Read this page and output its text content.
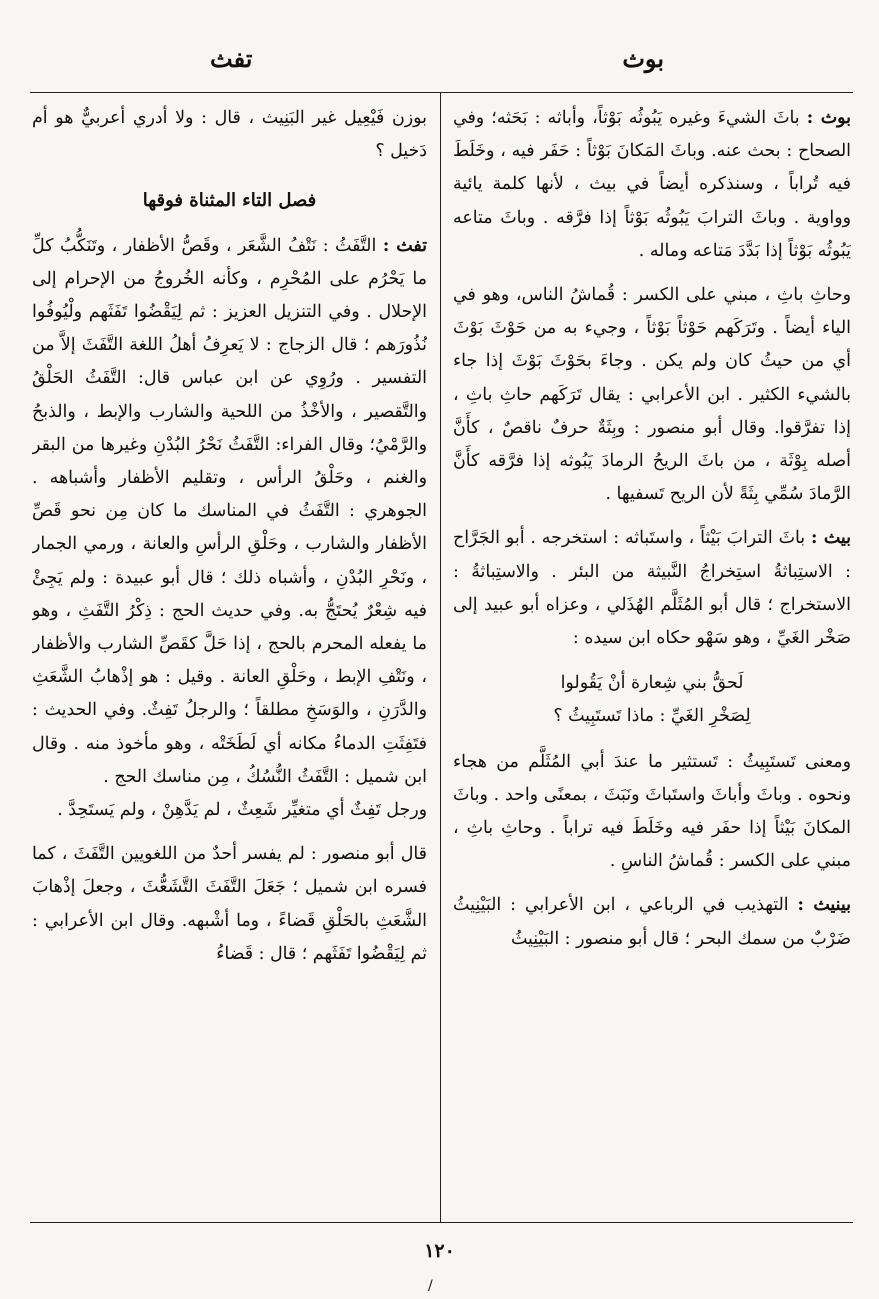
بوث
تفث

بوث : باثَ الشيءَ وغيره يَبُوثُه بَوْثاً، وأباثه : بَحَثه؛ وفي الصحاح : بحث عنه. وباثَ المَكانَ بَوْثاً : حَفَر فيه ، وخَلَطَ فيه تُراباً ، وسنذكره أيضاً في بيث ، لأنها كلمة يائية وواوية . وباثَ الترابَ يَبُوثُه بَوْثاً إذا فرَّقه . وباثَ متاعه يَبُوثُه بَوْثاً إذا بَدَّدَ مَتاعه وماله .

وحاثِ باثِ ، مبني على الكسر : قُماشُ الناس، وهو في الياء أيضاً . وتَرَكَهم حَوْثاً بَوْثاً ، وجيء به من حَوْثَ بَوْثَ أي من حيثُ كان ولم يكن . وجاءَ بحَوْثَ بَوْثَ إذا جاء بالشيء الكثير . ابن الأعرابي : يقال تَرَكَهم حاثِ باثِ ، إذا تفرَّقوا. وقال أبو منصور : وبِثَةٌ حرفٌ ناقصٌ ، كأَنَّ أصله بِوْثَة ، من باثَ الريحُ الرمادَ يَبُوثه إذا فرَّقه كأَنَّ الرَّمادَ سُمِّي بِثَةً لأن الريح تَسفيها .

بيث : باثَ الترابَ بَيْثاً ، واستَباثه : استخرجه . أبو الجَرَّاح : الاستِباثةُ استِخراجُ النَّبيثة من البئر . والاستِباثةُ : الاستخراج ؛ قال أبو المُثَلَّم الهُذَلي ، وعزاه أبو عبيد إلى صَخْر الغَيِّ ، وهو سَهْو حكاه ابن سيده :

لَحقُّ بني شِعارة أنْ يَقُولوا
لِصَخْرِ الغَيِّ : ماذا تَستَبِيثُ ؟

ومعنى تَستَبِيثُ : تَستثير ما عندَ أبي المُثَلَّم من هجاء ونحوه . وباثَ وأباثَ واستَباثَ ونَبَثَ ، بمعنًى واحد . وباثَ المكانَ بَيْثاً إذا حفَر فيه وخَلَطَ فيه تراباً . وحاثِ باثِ ، مبني على الكسر : قُماشُ الناسِ .

بينيث : التهذيب في الرباعي ، ابن الأعرابي : البَيْنِيثُ ضَرْبٌ من سمك البحر ؛ قال أبو منصور : البَيْنِيثُ

بوزن فَيْعِيل غير البَنِيث ، قال : ولا أدري أعربيٌّ هو أم دَخيل ؟

فصل التاء المثناة فوقها

تفث : التَّفَثُ : نَتْفُ الشَّعَر ، وقَصُّ الأظفار ، وتَنَكُّبُ كلِّ ما يَحْرُم على المُحْرِم ، وكأنه الخُروجُ من الإحرام إلى الإحلال . وفي التنزيل العزيز : ثم لِيَقْضُوا تَفَثَهم ولْيُوفُوا نُذُورَهم ؛ قال الزجاج : لا يَعرِفُ أهلُ اللغة التَّفَثَ إلاَّ من التفسير . ورُوِي عن ابن عباس قال: التَّفَثُ الحَلْقُ والتَّقصير ، والأخْذُ من اللحية والشارب والإبط ، والذبحُ والرَّمْيُ؛ وقال الفراء: التَّفَثُ نَحْرُ البُدْنِ وغيرها من البقر والغنم ، وحَلْقُ الرأس ، وتقليم الأظفار وأشباهه . الجوهري : التَّفَثُ في المناسك ما كان مِن نحو قَصِّ الأظفار والشارب ، وحَلْقِ الرأسِ والعانة ، ورمي الجمار ، ونَحْرِ البُدْنِ ، وأشباه ذلك ؛ قال أبو عبيدة : ولم يَجِئْ فيه شِعْرٌ يُحتَجُّ به. وفي حديث الحج : ذِكْرُ التَّفَثِ ، وهو ما يفعله المحرم بالحج ، إذا حَلَّ كقَصِّ الشارب والأظفار ، ونَتْفِ الإبط ، وحَلْقِ العانة . وقيل : هو إذْهابُ الشَّعَثِ والدَّرَنِ ، والوَسَخِ مطلقاً ؛ والرجلُ تَفِثٌ. وفي الحديث : فتَفِثَتِ الدماءُ مكانه أي لَطَخَتْه ، وهو مأخوذ منه . وقال ابن شميل : التَّفَثُ النُّسُكُ ، مِن مناسك الحج .

ورجل تَفِثٌ أي متغيِّر شَعِثٌ ، لم يَدَّهِنْ ، ولم يَستَحِدَّ .

قال أبو منصور : لم يفسر أحدٌ من اللغويين التَّفَثَ ، كما فسره ابن شميل ؛ جَعَلَ التَّفَثَ التَّشَعُّثَ ، وجعلَ إذْهابَ الشَّعَثِ بالحَلْقِ قَضاءً ، وما أشْبهه. وقال ابن الأعرابي : ثم لِيَقْضُوا تَفَثَهم ؛ قال : قَضاءُ

١٢٠
/
